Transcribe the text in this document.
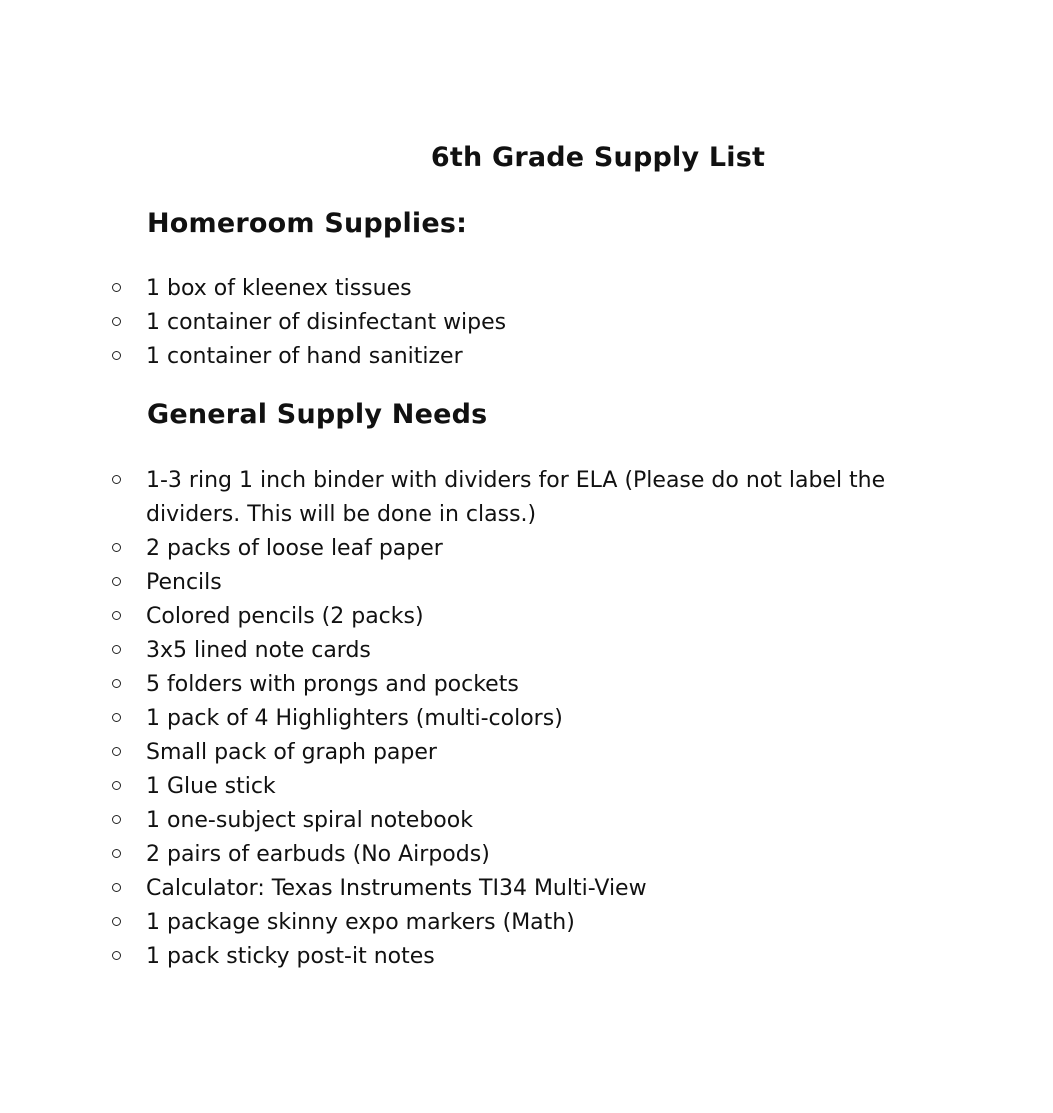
6th Grade Supply List
Homeroom Supplies:
1 box of kleenex tissues
1 container of disinfectant wipes
1 container of hand sanitizer
General Supply Needs
1-3 ring 1 inch binder with dividers for ELA (Please do not label the dividers. This will be done in class.)
2 packs of loose leaf paper
Pencils
Colored pencils (2 packs)
3x5 lined note cards
5 folders with prongs and pockets
1 pack of 4 Highlighters (multi-colors)
Small pack of graph paper
1 Glue stick
1 one-subject spiral notebook
2 pairs of earbuds (No Airpods)
Calculator: Texas Instruments TI34 Multi-View
1 package skinny expo markers (Math)
1 pack sticky post-it notes
